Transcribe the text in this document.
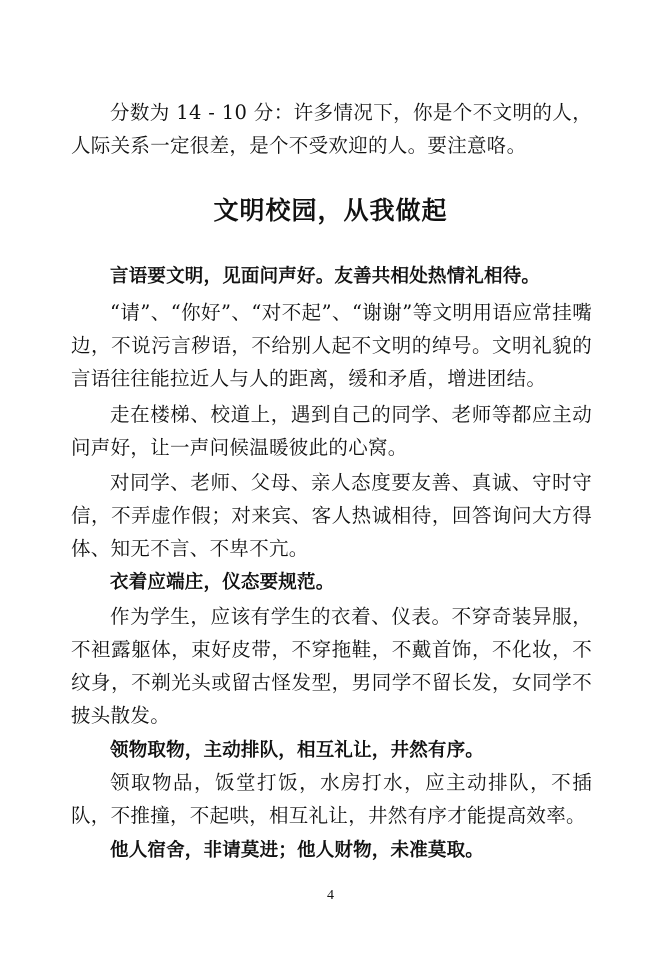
分数为 14 - 10 分：许多情况下，你是个不文明的人，人际关系一定很差，是个不受欢迎的人。要注意咯。

文明校园，从我做起

言语要文明，见面问声好。友善共相处热情礼相待。

“请”、“你好”、“对不起”、“谢谢”等文明用语应常挂嘴边，不说污言秽语，不给别人起不文明的绰号。文明礼貌的言语往往能拉近人与人的距离，缓和矛盾，增进团结。

走在楼梯、校道上，遇到自己的同学、老师等都应主动问声好，让一声问候温暖彼此的心窝。

对同学、老师、父母、亲人态度要友善、真诚、守时守信，不弄虚作假；对来宾、客人热诚相待，回答询问大方得体、知无不言、不卑不亢。

衣着应端庄，仪态要规范。

作为学生，应该有学生的衣着、仪表。不穿奇装异服，不袒露躯体，束好皮带，不穿拖鞋，不戴首饰，不化妆，不纹身，不剃光头或留古怪发型，男同学不留长发，女同学不披头散发。

领物取物，主动排队，相互礼让，井然有序。

领取物品，饭堂打饭，水房打水，应主动排队，不插队，不推撞，不起哄，相互礼让，井然有序才能提高效率。

他人宿舍，非请莫进；他人财物，未准莫取。

4
